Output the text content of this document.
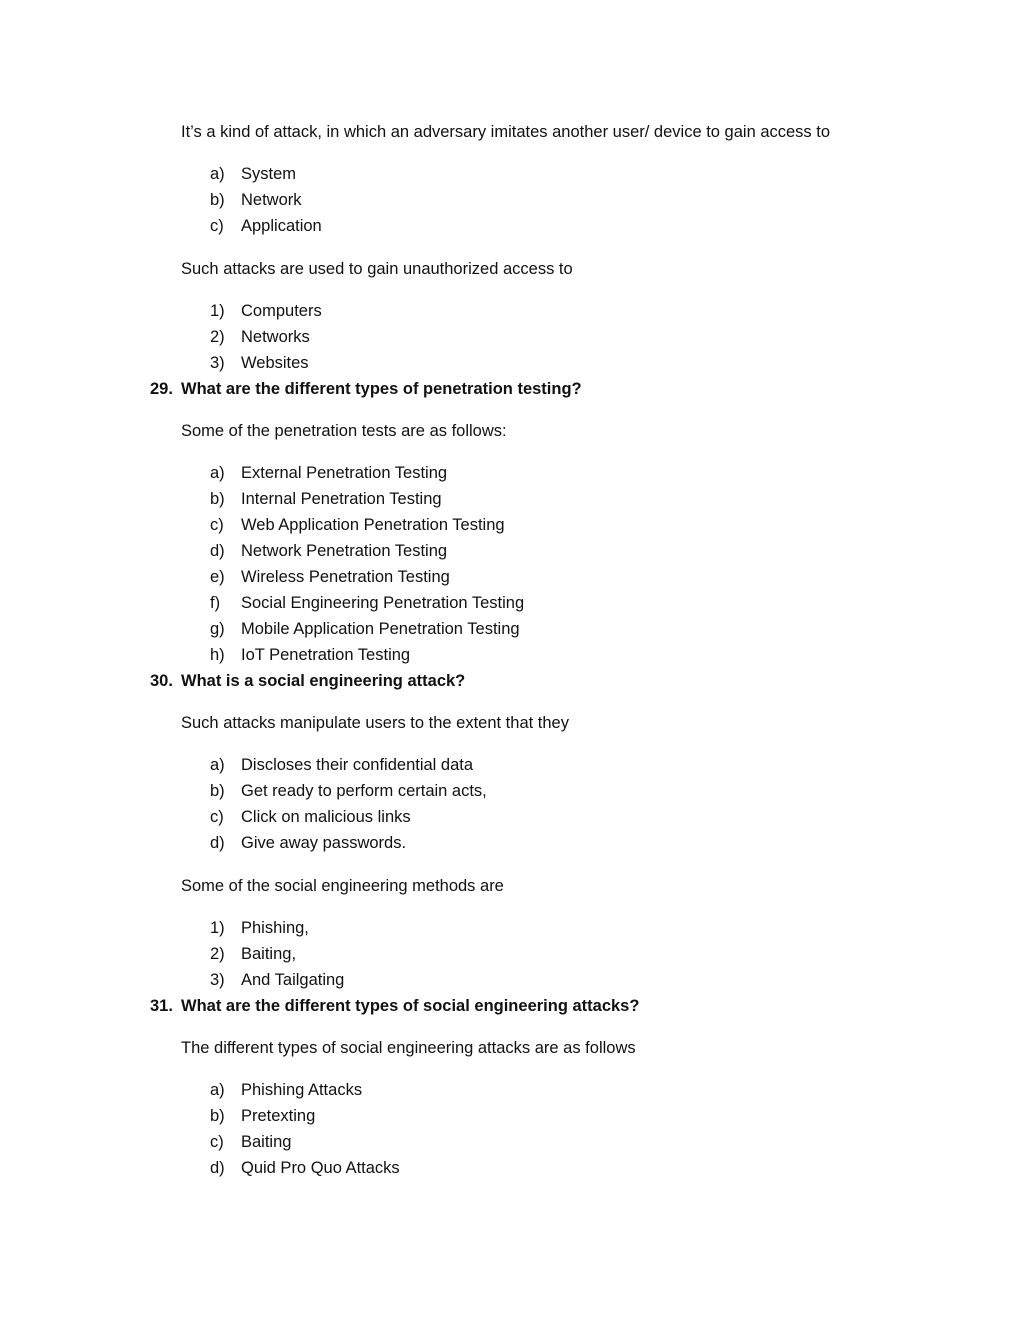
It’s a kind of attack, in which an adversary imitates another user/ device to gain access to

a) System
b) Network
c) Application

Such attacks are used to gain unauthorized access to

1) Computers
2) Networks
3) Websites
29. What are the different types of penetration testing?

Some of the penetration tests are as follows:

a) External Penetration Testing
b) Internal Penetration Testing
c) Web Application Penetration Testing
d) Network Penetration Testing
e) Wireless Penetration Testing
f) Social Engineering Penetration Testing
g) Mobile Application Penetration Testing
h) IoT Penetration Testing
30. What is a social engineering attack?

Such attacks manipulate users to the extent that they

a) Discloses their confidential data
b) Get ready to perform certain acts,
c) Click on malicious links
d) Give away passwords.

Some of the social engineering methods are

1) Phishing,
2) Baiting,
3) And Tailgating
31. What are the different types of social engineering attacks?

The different types of social engineering attacks are as follows

a) Phishing Attacks
b) Pretexting
c) Baiting
d) Quid Pro Quo Attacks
